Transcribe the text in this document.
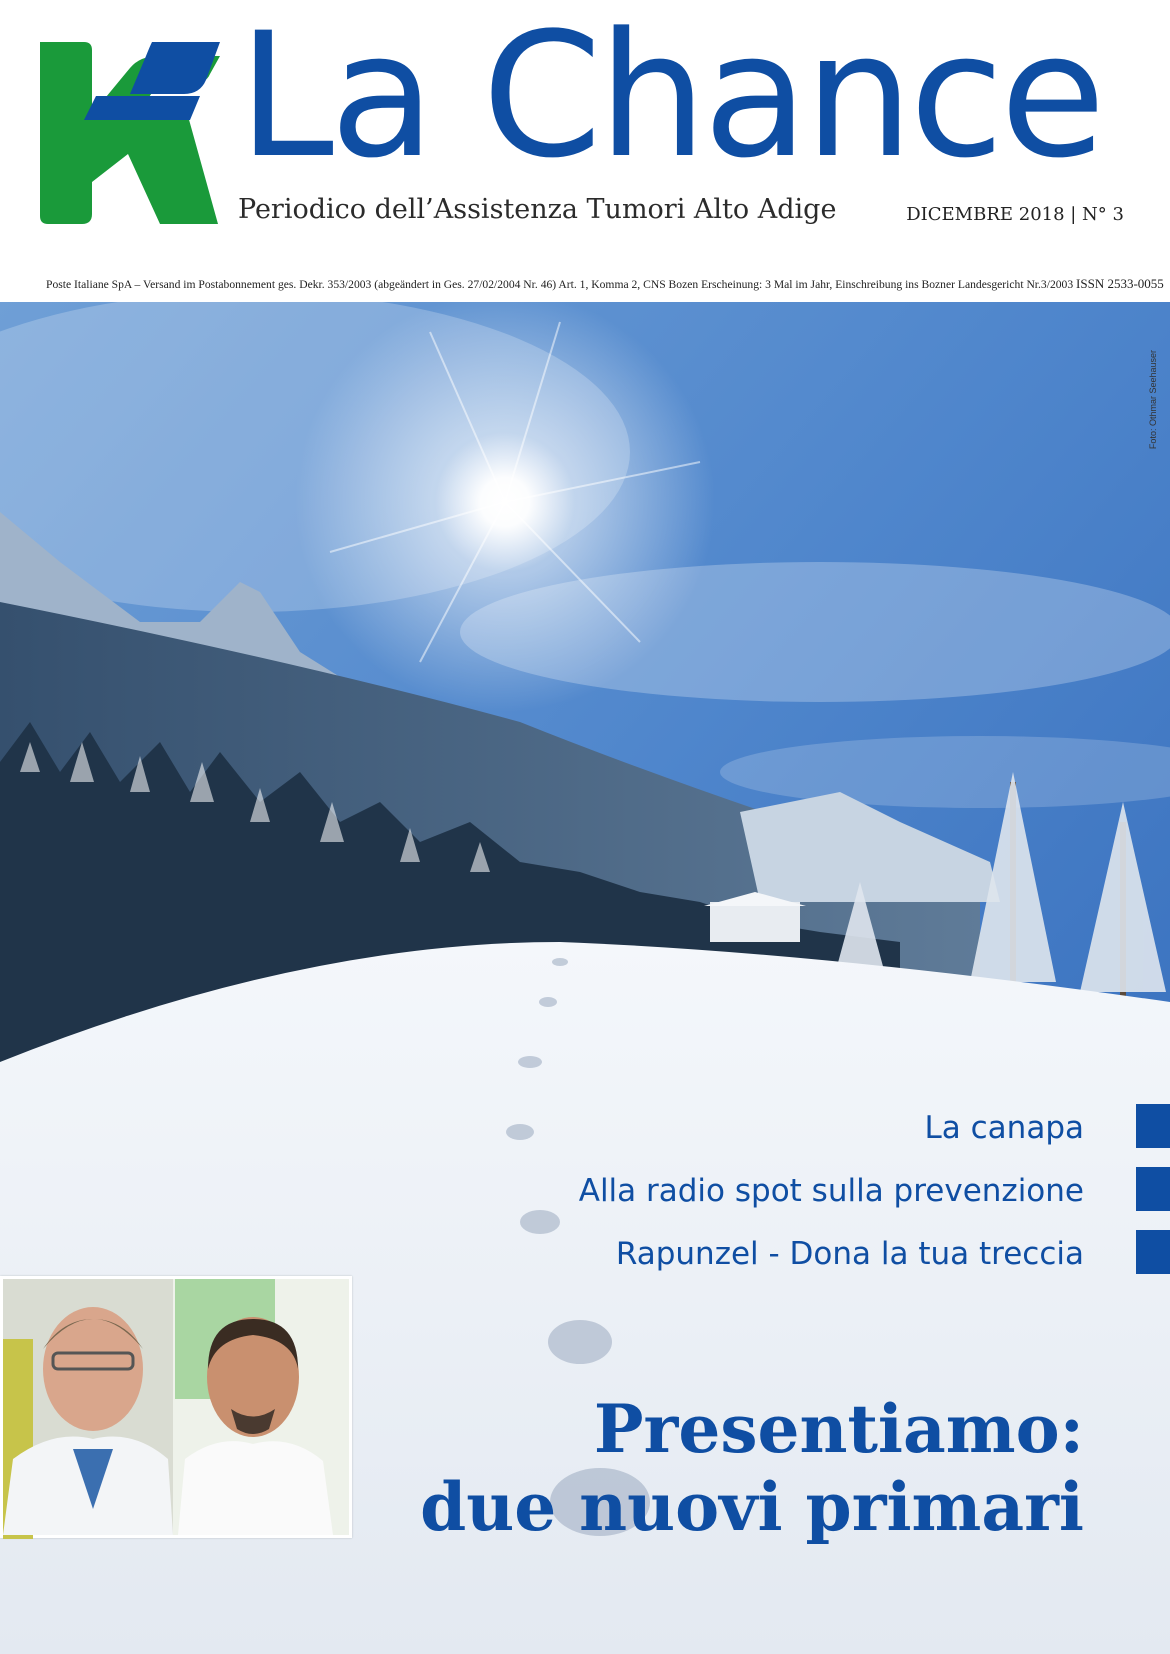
La Chance
Periodico dell’Assistenza Tumori Alto Adige	DICEMBRE 2018 | N° 3
Poste Italiane SpA – Versand im Postabonnement ges. Dekr. 353/2003 (abgeändert in Ges. 27/02/2004 Nr. 46) Art. 1, Komma 2, CNS Bozen Erscheinung: 3 Mal im Jahr, Einschreibung ins Bozner Landesgericht Nr.3/2003 ISSN 2533-0055
Foto: Othmar Seehauser
La canapa
Alla radio spot sulla prevenzione
Rapunzel - Dona la tua treccia
Presentiamo:
due nuovi primari
